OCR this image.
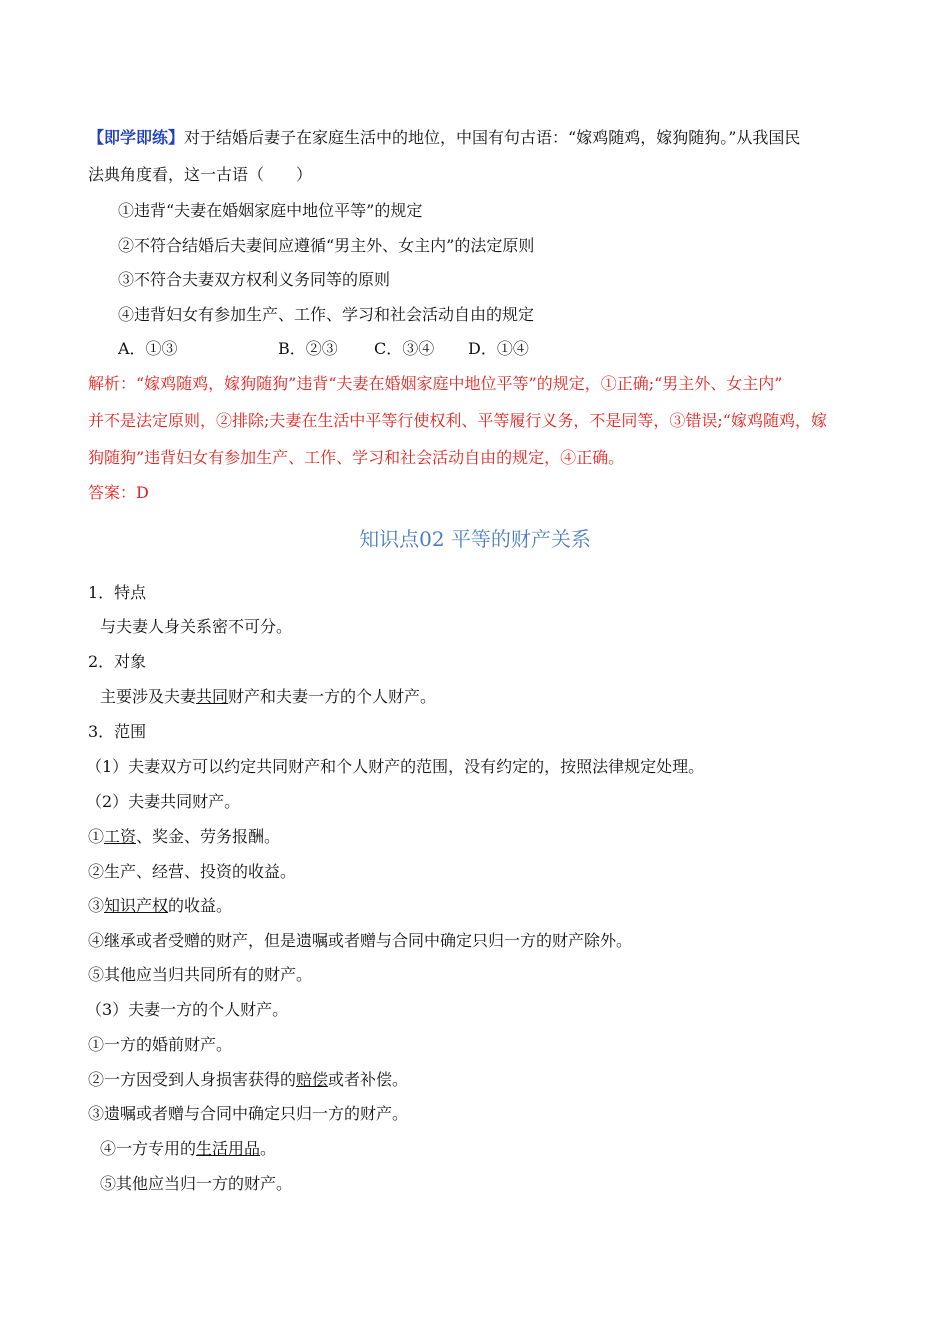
【即学即练】对于结婚后妻子在家庭生活中的地位，中国有句古语：“嫁鸡随鸡，嫁狗随狗。”从我国民
法典角度看，这一古语（　　）
①违背“夫妻在婚姻家庭中地位平等”的规定
②不符合结婚后夫妻间应遵循“男主外、女主内”的法定原则
③不符合夫妻双方权利义务同等的原则
④违背妇女有参加生产、工作、学习和社会活动自由的规定
A．①③	B．②③ C．③④ D．①④
解析：“嫁鸡随鸡，嫁狗随狗”违背“夫妻在婚姻家庭中地位平等”的规定，①正确;“男主外、女主内”
并不是法定原则，②排除;夫妻在生活中平等行使权利、平等履行义务，不是同等，③错误;“嫁鸡随鸡，嫁
狗随狗”违背妇女有参加生产、工作、学习和社会活动自由的规定，④正确。
答案：D
知识点02 平等的财产关系
1．特点
与夫妻人身关系密不可分。
2．对象
主要涉及夫妻共同财产和夫妻一方的个人财产。
3．范围
（1）夫妻双方可以约定共同财产和个人财产的范围，没有约定的，按照法律规定处理。
（2）夫妻共同财产。
①工资、奖金、劳务报酬。
②生产、经营、投资的收益。
③知识产权的收益。
④继承或者受赠的财产，但是遗嘱或者赠与合同中确定只归一方的财产除外。
⑤其他应当归共同所有的财产。
（3）夫妻一方的个人财产。
①一方的婚前财产。
②一方因受到人身损害获得的赔偿或者补偿。
③遗嘱或者赠与合同中确定只归一方的财产。
④一方专用的生活用品。
⑤其他应当归一方的财产。
